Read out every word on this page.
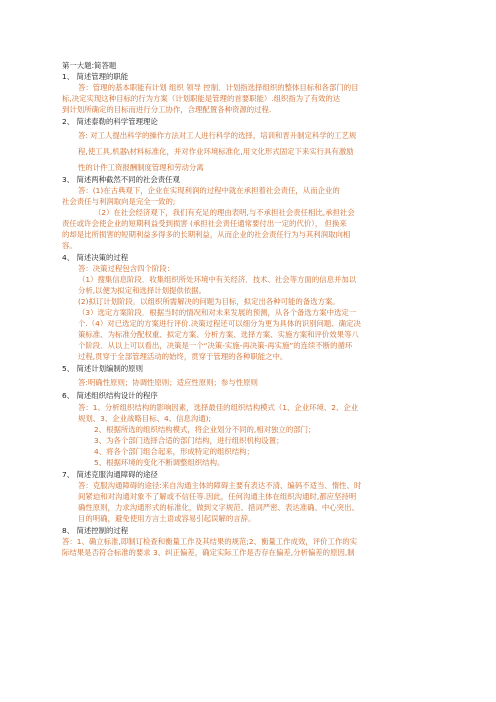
第一大题:简答题
1、 简述管理的职能
答：管理的基本职能有计划 组织 领导 控制．计划指选择组织的整体目标和各部门的目
标,决定实现这种目标的行为方案（计划职能是管理的首要职能）.组织指为了有效的达
到计划所确定的目标而进行分工协作，合理配置各种资源的过程.
2、 简述泰勒的科学管理理论
答: 对工人提出科学的操作方法对工人进行科学的选择，培训和晋升制定科学的工艺规
程,使工具,机器\材料标准化，并对作业环境标准化,用文化形式固定下来实行具有激励
性的计件工资报酬制度管理和劳动分离
3、 简述两种截然不同的社会责任观
答：(1)在古典观下，企业在实现利润的过程中就在承担着社会责任，从而企业的
社会责任与利润取向是完全一致的;
（2）在社会经济观下，我们有充足的理由表明,与不承担社会责任相比,承担社会
责任或许会使企业的短期利益受到损害 (承担社会责任通常要付出一定的代价）， 但换来
的却是比所损害的短期利益多得多的长期利益，从而企业的社会责任行为与其利润取向相
容。
4、 简述决策的过程
答：决策过程包含四个阶段：
（1）搜集信息阶段．收集组织所处环境中有关经济．技术、社会等方面的信息并加以
分析,以便为拟定和选择计划提供依据。
(2)拟订计划阶段．以组织所需解决的问题为目标，拟定出各种可能的备选方案。
（3）选定方案阶段．根据当时的情况和对未来发展的预测，从各个备选方案中选定一
个.（4）对已选定的方案进行评价.决策过程还可以细分为更为具体的识别问题、确定决
策标准、为标准分配权重、拟定方案、分析方案、选择方案、实施方案和评价效果等八
个阶段．从以上可以看出，决策是一个“决策-实施-再决策-再实施”的连续不断的循环
过程,贯穿于全部管理活动的始终，贯穿于管理的各种职能之中。
5、 简述计划编制的原则
答:明确性原则；协调性原则；适应性原则；参与性原则
6、 简述组织结构设计的程序
答：1、分析组织结构的影响因素，选择最佳的组织结构模式（1、企业环境、2、企业
规划、3、企业战略目标、4、信息沟通);
2、根据所选的组织结构模式，将企业划分不同的,相对独立的部门；
3、为各个部门选择合适的部门结构，进行组织机构设置；
4、将各个部门组合起来，形成特定的组织结构；
5、根据环境的变化不断调整组织结构。
7、 简述克服沟通障碍的途径
答：克服沟通障碍的途径:来自沟通主体的障碍主要有表达不清、编码不适当、惰性、时
间紧迫和对沟通对象不了解或不信任等.因此，任何沟通主体在组织沟通时,都应坚持明
确性原则，力求沟通形式的标准化，做到文字规范、措词严密、表达准确、中心突出、
目的明确，避免使用方言土语或容易引起误解的言辞。
8、 简述控制的过程
答：1、确立标准,即制订检查和衡量工作及其结果的规范;2、衡量工作成效，评价工作的实
际结果是否符合标准的要求 3、纠正偏差，确定实际工作是否存在偏差,分析偏差的原因,制
